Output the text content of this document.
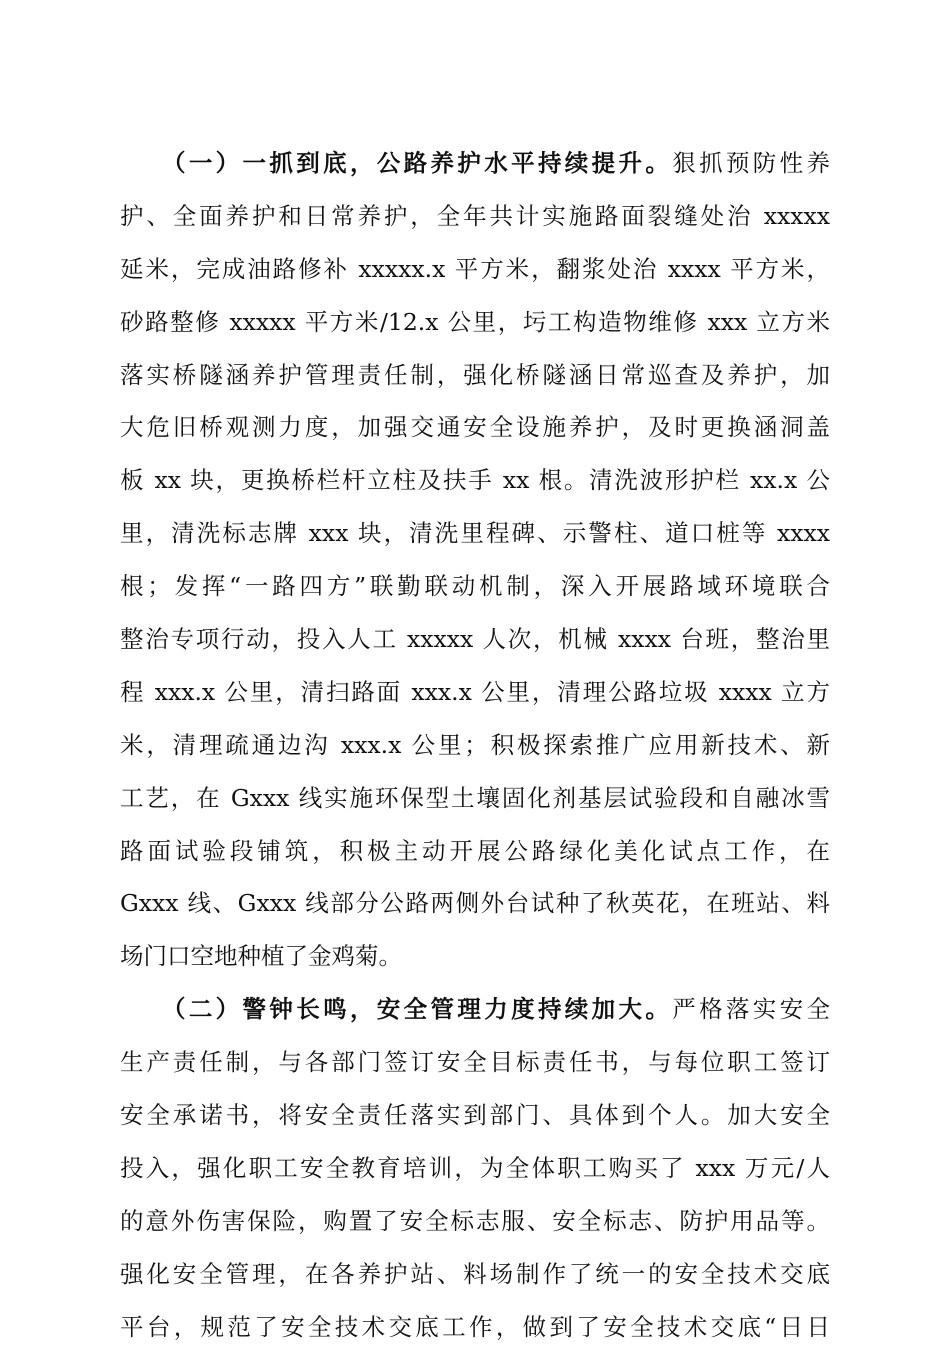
　　（一）一抓到底，公路养护水平持续提升。狠抓预防性养
护、全面养护和日常养护，全年共计实施路面裂缝处治 xxxxx
延米，完成油路修补 xxxxx.x 平方米，翻浆处治 xxxx 平方米，
砂路整修 xxxxx 平方米/12.x 公里，圬工构造物维修 xxx 立方米
落实桥隧涵养护管理责任制，强化桥隧涵日常巡查及养护，加
大危旧桥观测力度，加强交通安全设施养护，及时更换涵洞盖
板 xx 块，更换桥栏杆立柱及扶手 xx 根。清洗波形护栏 xx.x 公
里，清洗标志牌 xxx 块，清洗里程碑、示警柱、道口桩等 xxxx
根；发挥“一路四方”联勤联动机制，深入开展路域环境联合
整治专项行动，投入人工 xxxxx 人次，机械 xxxx 台班，整治里
程 xxx.x 公里，清扫路面 xxx.x 公里，清理公路垃圾 xxxx 立方
米，清理疏通边沟 xxx.x 公里；积极探索推广应用新技术、新
工艺，在 Gxxx 线实施环保型土壤固化剂基层试验段和自融冰雪
路面试验段铺筑，积极主动开展公路绿化美化试点工作，在
Gxxx 线、Gxxx 线部分公路两侧外台试种了秋英花，在班站、料
场门口空地种植了金鸡菊。
　　（二）警钟长鸣，安全管理力度持续加大。严格落实安全
生产责任制，与各部门签订安全目标责任书，与每位职工签订
安全承诺书，将安全责任落实到部门、具体到个人。加大安全
投入，强化职工安全教育培训，为全体职工购买了 xxx 万元/人
的意外伤害保险，购置了安全标志服、安全标志、防护用品等。
强化安全管理，在各养护站、料场制作了统一的安全技术交底
平台，规范了安全技术交底工作，做到了安全技术交底“日日
